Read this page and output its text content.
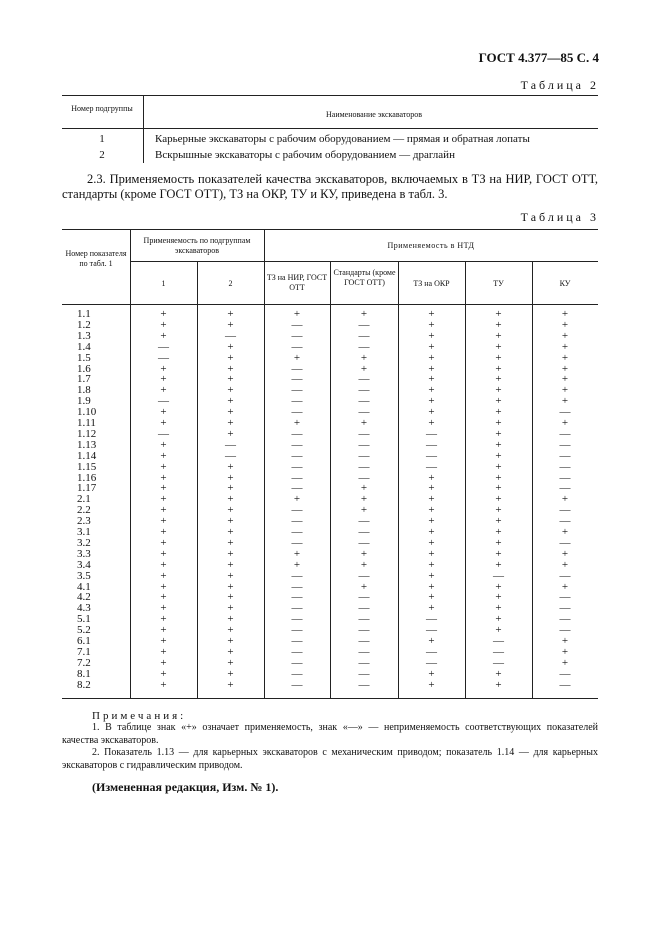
ГОСТ 4.377—85 С. 4
Таблица 2
Номер подгруппы
Наименование экскаваторов
1	Карьерные экскаваторы с рабочим оборудованием — прямая и обратная лопаты
2	Вскрышные экскаваторы с рабочим оборудованием — драглайн
2.3. Применяемость показателей качества экскаваторов, включаемых в ТЗ на НИР, ГОСТ ОТТ, стандарты (кроме ГОСТ ОТТ), ТЗ на ОКР, ТУ и КУ, приведена в табл. 3.
Таблица 3
Номер показателя по табл. 1
Применяемость по подгруппам экскаваторов
Применяемость в НТД
1	2
ТЗ на НИР, ГОСТ ОТТ
Стандарты (кроме ГОСТ ОТТ)	ТЗ на ОКР	ТУ	КУ
1.1	+	+	+	+	+	+	+
1.2	+	+	—	—	+	+	+
1.3	+	—	—	—	+	+	+
1.4	—	+	—	—	+	+	+
1.5	—	+	+	+	+	+	+
1.6	+	+	—	+	+	+	+
1.7	+	+	—	—	+	+	+
1.8	+	+	—	—	+	+	+
1.9	—	+	—	—	+	+	+
1.10	+	+	—	—	+	+	—
1.11	+	+	+	+	+	+	+
1.12	—	+	—	—	—	+	—
1.13	+	—	—	—	—	+	—
1.14	+	—	—	—	—	+	—
1.15	+	+	—	—	—	+	—
1.16	+	+	—	—	+	+	—
1.17	+	+	—	+	+	+	—
2.1	+	+	+	+	+	+	+
2.2	+	+	—	+	+	+	—
2.3	+	+	—	—	+	+	—
3.1	+	+	—	—	+	+	+
3.2	+	+	—	—	+	+	—
3.3	+	+	+	+	+	+	+
3.4	+	+	+	+	+	+	+
3.5	+	+	—	—	+	—	—
4.1	+	+	—	+	+	+	+
4.2	+	+	—	—	+	+	—
4.3	+	+	—	—	+	+	—
5.1	+	+	—	—	—	+	—
5.2	+	+	—	—	—	+	—
6.1	+	+	—	—	+	—	+
7.1	+	+	—	—	—	—	+
7.2	+	+	—	—	—	—	+
8.1	+	+	—	—	+	+	—
8.2	+	+	—	—	+	+	—
Примечания:
1. В таблице знак «+» означает применяемость, знак «—» — неприменяемость соответствующих показателей качества экскаваторов.
2. Показатель 1.13 — для карьерных экскаваторов с механическим приводом; показатель 1.14 — для карьерных экскаваторов с гидравлическим приводом.
(Измененная редакция, Изм. № 1).
